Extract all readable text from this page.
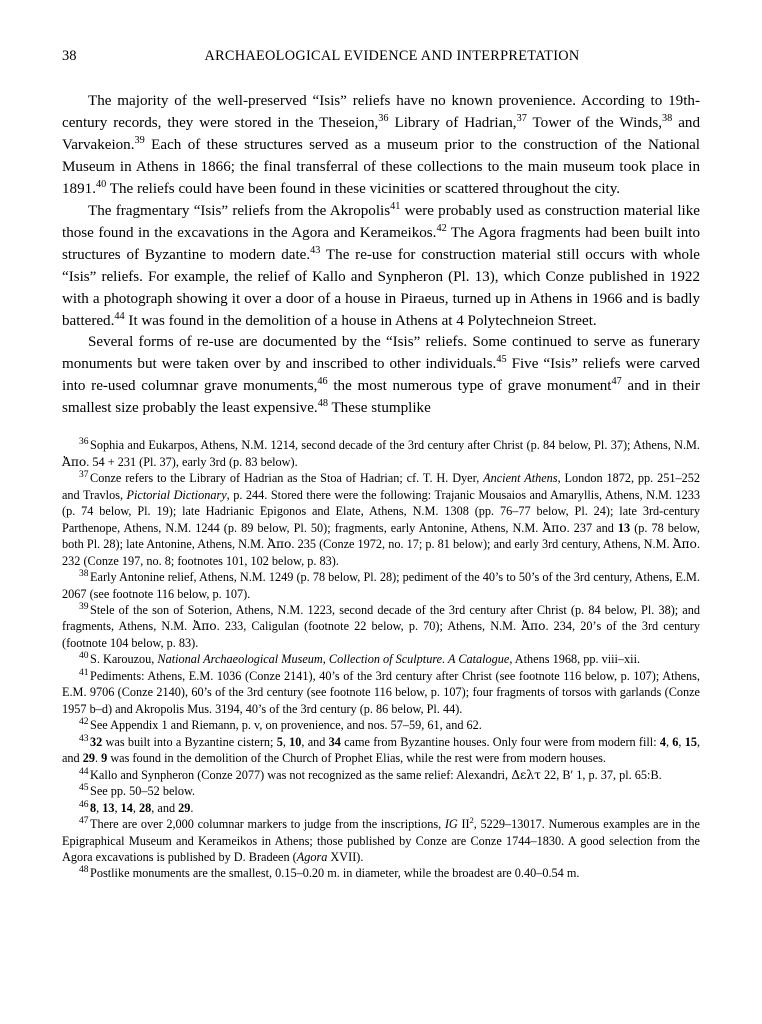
38	ARCHAEOLOGICAL EVIDENCE AND INTERPRETATION

The majority of the well-preserved “Isis” reliefs have no known provenience. According to 19th-century records, they were stored in the Theseion,$^{36}$ Library of Hadrian,$^{37}$ Tower of the Winds,$^{38}$ and Varvakeion.$^{39}$ Each of these structures served as a museum prior to the construction of the National Museum in Athens in 1866; the final transferral of these collections to the main museum took place in 1891.40 The reliefs could have been found in these vicinities or scattered throughout the city.

The fragmentary “Isis” reliefs from the Akropolis$^{41}$ were probably used as construction material like those found in the excavations in the Agora and Kerameikos.$^{42}$ The Agora fragments had been built into structures of Byzantine to modern date.$^{43}$ The re-use for construction material still occurs with whole “Isis” reliefs. For example, the relief of Kallo and Synpheron (Pl. 13), which Conze published in 1922 with a photograph showing it over a door of a house in Piraeus, turned up in Athens in 1966 and is badly battered.$^{44}$ It was found in the demolition of a house in Athens at 4 Polytechneion Street.

Several forms of re-use are documented by the “Isis” reliefs. Some continued to serve as funerary monuments but were taken over by and inscribed to other individuals.$^{45}$ Five “Isis” reliefs were carved into re-used columnar grave monuments,$^{46}$ the most numerous type of grave monument$^{47}$ and in their smallest size probably the least expensive.$^{48}$ These stumplike

$^{36}$ Sophia and Eukarpos, Athens, N.M. 1214, second decade of the 3rd century after Christ (p. 84 below, Pl. 37); Athens, N.M. Ἀπο. 54 + 231 (Pl. 37), early 3rd (p. 83 below).

$^{37}$ Conze refers to the Library of Hadrian as the Stoa of Hadrian; cf. T. H. Dyer, Ancient Athens, London 1872, pp. 251–252 and Travlos, Pictorial Dictionary, p. 244. Stored there were the following: Trajanic Mousaios and Amaryllis, Athens, N.M. 1233 (p. 74 below, Pl. 19); late Hadrianic Epigonos and Elate, Athens, N.M. 1308 (pp. 76–77 below, Pl. 24); late 3rd-century Parthenope, Athens, N.M. 1244 (p. 89 below, Pl. 50); fragments, early Antonine, Athens, N.M. Ἀπο. 237 and 13 (p. 78 below, both Pl. 28); late Antonine, Athens, N.M. Ἀπο. 235 (Conze 1972, no. 17; p. 81 below); and early 3rd century, Athens, N.M. Ἀπο. 232 (Conze 197, no. 8; footnotes 101, 102 below, p. 83).

$^{38}$ Early Antonine relief, Athens, N.M. 1249 (p. 78 below, Pl. 28); pediment of the 40’s to 50’s of the 3rd century, Athens, E.M. 2067 (see footnote 116 below, p. 107).

$^{39}$ Stele of the son of Soterion, Athens, N.M. 1223, second decade of the 3rd century after Christ (p. 84 below, Pl. 38); and fragments, Athens, N.M. Ἀπο. 233, Caligulan (footnote 22 below, p. 70); Athens, N.M. Ἀπο. 234, 20’s of the 3rd century (footnote 104 below, p. 83).

$^{40}$ S. Karouzou, National Archaeological Museum, Collection of Sculpture. A Catalogue, Athens 1968, pp. viii–xii.

$^{41}$ Pediments: Athens, E.M. 1036 (Conze 2141), 40’s of the 3rd century after Christ (see footnote 116 below, p. 107); Athens, E.M. 9706 (Conze 2140), 60’s of the 3rd century (see footnote 116 below, p. 107); four fragments of torsos with garlands (Conze 1957 b–d) and Akropolis Mus. 3194, 40’s of the 3rd century (p. 86 below, Pl. 44).

$^{42}$ See Appendix 1 and Riemann, p. v, on provenience, and nos. 57–59, 61, and 62.

$^{43}$ 32 was built into a Byzantine cistern; 5, 10, and 34 came from Byzantine houses. Only four were from modern fill: 4, 6, 15, and 29. 9 was found in the demolition of the Church of Prophet Elias, while the rest were from modern houses.

$^{44}$ Kallo and Synpheron (Conze 2077) was not recognized as the same relief: Alexandri, Δελτ 22, B′ 1, p. 37, pl. 65:B.

$^{45}$ See pp. 50–52 below.

$^{46}$ 8, 13, 14, 28, and 29.

$^{47}$ There are over 2,000 columnar markers to judge from the inscriptions, IG $II^2$, 5229–13017. Numerous examples are in the Epigraphical Museum and Kerameikos in Athens; those published by Conze are Conze 1744–1830. A good selection from the Agora excavations is published by D. Bradeen (Agora XVII).

$^{48}$ Postlike monuments are the smallest, 0.15–0.20 m. in diameter, while the broadest are 0.40–0.54 m.
